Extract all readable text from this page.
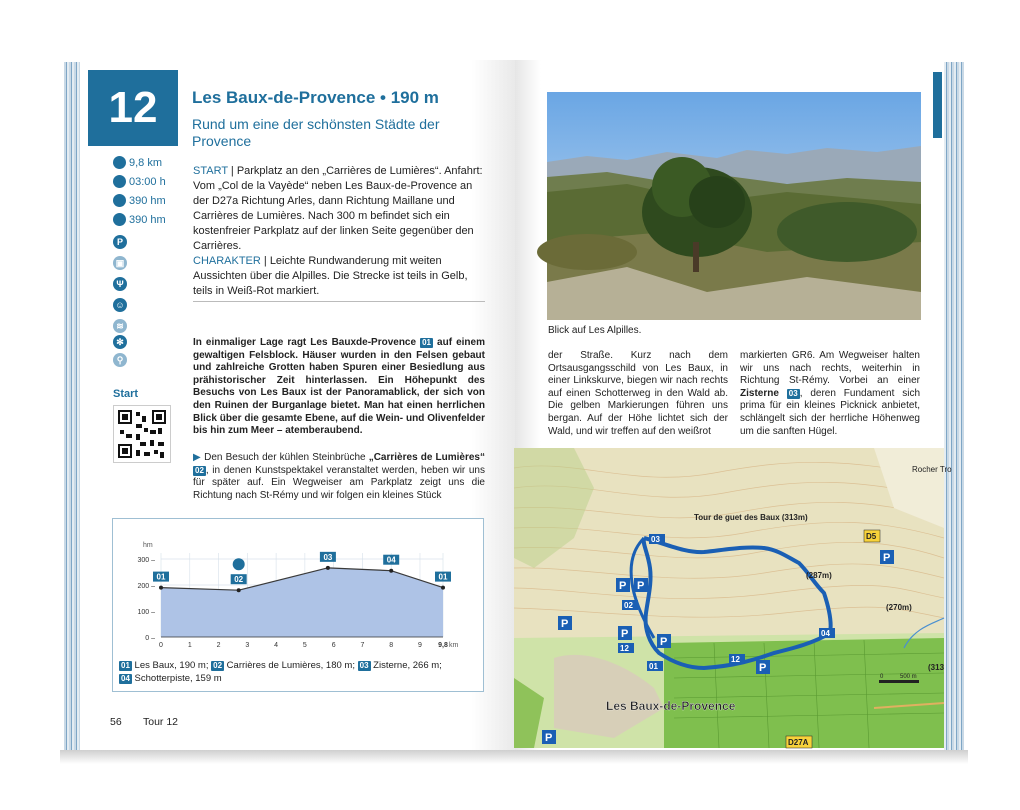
12	Les Baux-de-Provence • 190 m
Rund um eine der schönsten Städte der Provence
9,8 km
03:00 h
390 hm
390 hm
P
▣
Ψ
☺
≋
✻
⚲
START | Parkplatz an den „Carrières de Lumières“. Anfahrt: Vom „Col de la Vayède“ neben Les Baux-de-Provence an der D27a Richtung Arles, dann Richtung Maillane und Carrières de Lumières. Nach 300 m befindet sich ein kostenfreier Parkplatz auf der linken Seite gegenüber den Carrières.
CHARAKTER | Leichte Rundwanderung mit weiten Aussichten über die Alpilles. Die Strecke ist teils in Gelb, teils in Weiß-Rot markiert.
In einmaliger Lage ragt Les Bauxde-Provence 01 auf einem gewaltigen Felsblock. Häuser wurden in den Felsen gebaut und zahlreiche Grotten haben Spuren einer Besiedlung aus prähistorischer Zeit hinterlassen. Ein Höhepunkt des Besuchs von Les Baux ist der Panoramablick, der sich von den Ruinen der Burganlage bietet. Man hat einen herrlichen Blick über die gesamte Ebene, auf die Wein- und Olivenfelder bis hin zum Meer – atemberaubend.
▶ Den Besuch der kühlen Steinbrüche „Carrières de Lumières“ 02 , in denen Kunstspektakel veranstaltet werden, heben wir uns für später auf. Ein Wegweiser am Parkplatz zeigt uns die Richtung nach St-Rémy und wir folgen ein kleines Stück
Start
0 –
100 –
200 –
300 –
0	1	2	3	4	5	6	7	8	9 9,8
hm
km
01	02
03	04
01
01 Les Baux, 190 m; 02 Carrières de Lumières, 180 m; 03 Zisterne, 266 m;
04 Schotterpiste, 159 m
56 Tour 12
Blick auf Les Alpilles.
der Straße. Kurz nach dem Ortsausgangsschild von Les Baux, in einer Linkskurve, biegen wir nach rechts auf einen Schotterweg in den Wald ab. Die gelben Markierungen führen uns bergan. Auf der Höhe lichtet sich der Wald, und wir treffen auf den weißrot
markierten GR6. Am Wegweiser halten wir uns nach rechts, weiterhin in Richtung St-Rémy. Vorbei an einer Zisterne 03 , deren Fundament sich prima für ein kleines Picknick anbietet, schlängelt sich der herrliche Höhenweg um die sanften Hügel.
03
04
02
01
12
12
P P
P
P
P
P
P
P
Tour de guet des Baux (313m)
(287m)
(270m)
(313
Rocher Tro
D5
D27A
Les Baux-de-Provence
0	500 m
